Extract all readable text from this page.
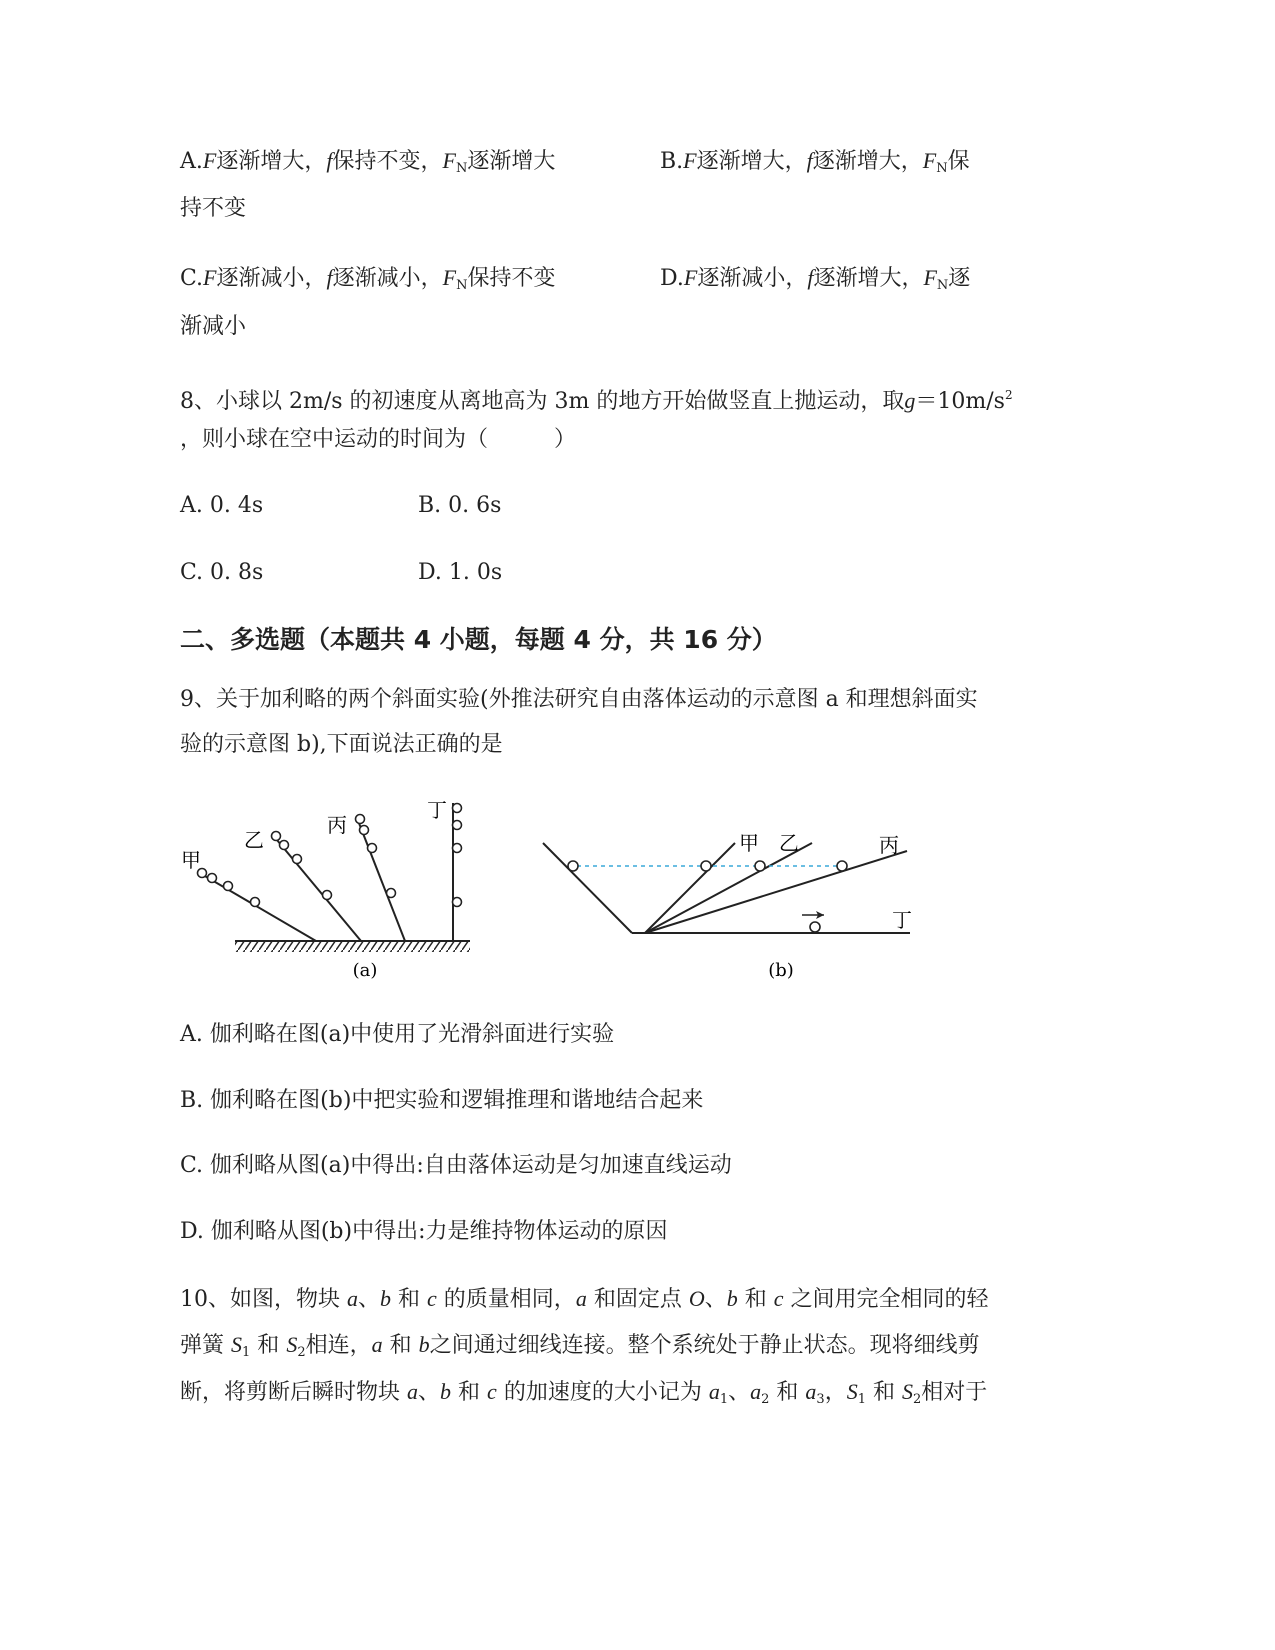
A.F逐渐增大，f保持不变，$F_N$逐渐增大	B.F逐渐增大，f逐渐增大，$F_N$保
持不变
C.F逐渐减小，f逐渐减小，$F_N$保持不变	D.F逐渐减小，f逐渐增大，$F_N$逐
渐减小
8、小球以 2m/s 的初速度从离地高为 3m 的地方开始做竖直上抛运动，取$g=10m/s^2$
，则小球在空中运动的时间为（　　　）
A. 0. 4s	B. 0. 6s
C. 0. 8s	D. 1. 0s
二、多选题（本题共 4 小题，每题 4 分，共 16 分）
9、关于加利略的两个斜面实验(外推法研究自由落体运动的示意图 a 和理想斜面实
验的示意图 b),下面说法正确的是
甲
乙
丙
丁
(a)
甲 乙	丙
丁
(b)
A. 伽利略在图(a)中使用了光滑斜面进行实验
B. 伽利略在图(b)中把实验和逻辑推理和谐地结合起来
C. 伽利略从图(a)中得出:自由落体运动是匀加速直线运动
D. 伽利略从图(b)中得出:力是维持物体运动的原因
10、如图，物块 a、b 和 c 的质量相同，a 和固定点 O、b 和 c 之间用完全相同的轻
弹簧 $S_1$ 和 $S_2$相连，a 和 b之间通过细线连接。整个系统处于静止状态。现将细线剪
断，将剪断后瞬时物块 a、b 和 c 的加速度的大小记为 $a_1$、$a_2$ 和 $a_3$，$S_1$ 和 $S_2$相对于
